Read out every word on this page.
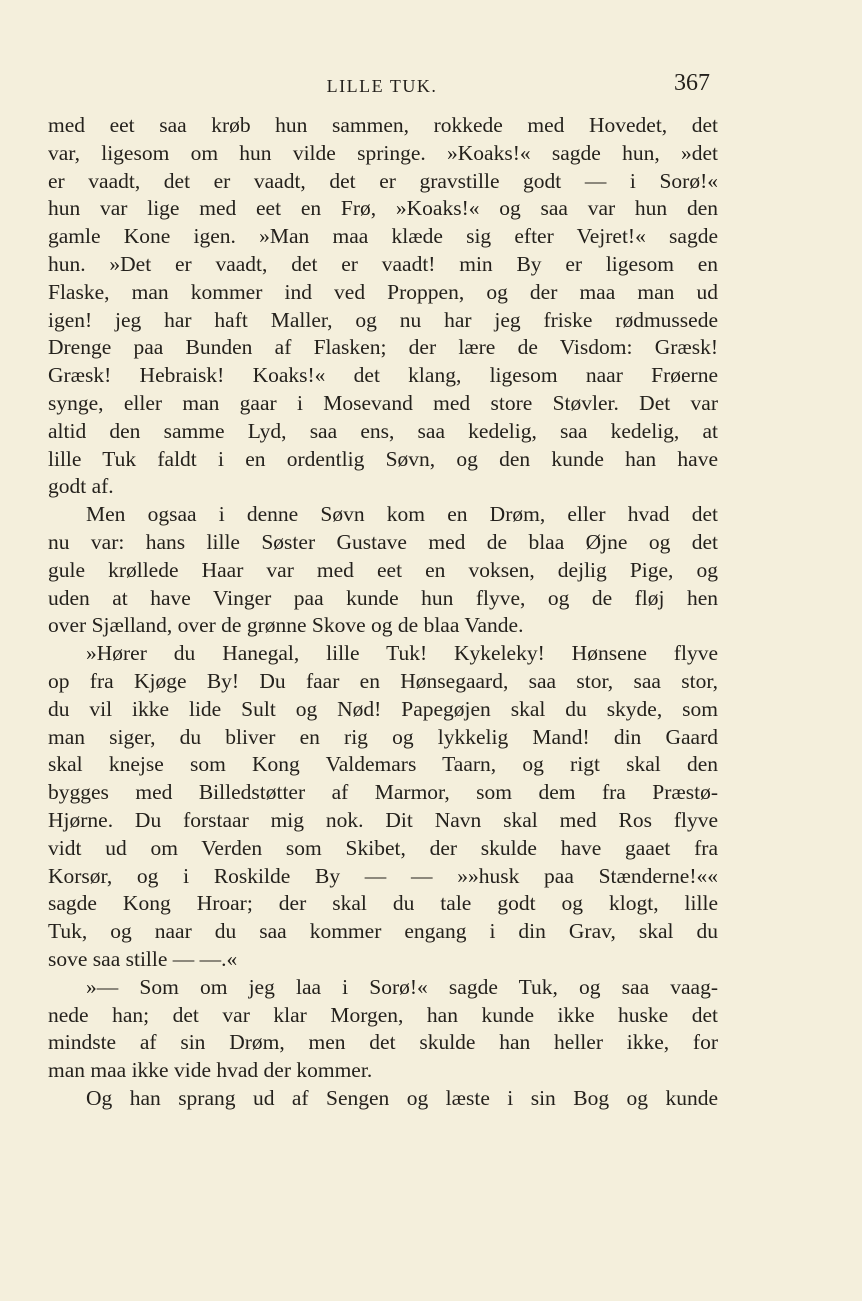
LILLE TUK.	367
med eet saa krøb hun sammen, rokkede med Hovedet, det
var, ligesom om hun vilde springe. »Koaks!« sagde hun, »det
er vaadt, det er vaadt, det er gravstille godt — i Sorø!«
hun var lige med eet en Frø, »Koaks!« og saa var hun den
gamle Kone igen. »Man maa klæde sig efter Vejret!« sagde
hun. »Det er vaadt, det er vaadt! min By er ligesom en
Flaske, man kommer ind ved Proppen, og der maa man ud
igen! jeg har haft Maller, og nu har jeg friske rødmussede
Drenge paa Bunden af Flasken; der lære de Visdom: Græsk!
Græsk! Hebraisk! Koaks!« det klang, ligesom naar Frøerne
synge, eller man gaar i Mosevand med store Støvler. Det var
altid den samme Lyd, saa ens, saa kedelig, saa kedelig, at
lille Tuk faldt i en ordentlig Søvn, og den kunde han have
godt af.
Men ogsaa i denne Søvn kom en Drøm, eller hvad det
nu var: hans lille Søster Gustave med de blaa Øjne og det
gule krøllede Haar var med eet en voksen, dejlig Pige, og
uden at have Vinger paa kunde hun flyve, og de fløj hen
over Sjælland, over de grønne Skove og de blaa Vande.
»Hører du Hanegal, lille Tuk! Kykeleky! Hønsene flyve
op fra Kjøge By! Du faar en Hønsegaard, saa stor, saa stor,
du vil ikke lide Sult og Nød! Papegøjen skal du skyde, som
man siger, du bliver en rig og lykkelig Mand! din Gaard
skal knejse som Kong Valdemars Taarn, og rigt skal den
bygges med Billedstøtter af Marmor, som dem fra Præstø-
Hjørne. Du forstaar mig nok. Dit Navn skal med Ros flyve
vidt ud om Verden som Skibet, der skulde have gaaet fra
Korsør, og i Roskilde By — — »»husk paa Stænderne!««
sagde Kong Hroar; der skal du tale godt og klogt, lille
Tuk, og naar du saa kommer engang i din Grav, skal du
sove saa stille — —.«
»— Som om jeg laa i Sorø!« sagde Tuk, og saa vaag-
nede han; det var klar Morgen, han kunde ikke huske det
mindste af sin Drøm, men det skulde han heller ikke, for
man maa ikke vide hvad der kommer.
Og han sprang ud af Sengen og læste i sin Bog og kunde
